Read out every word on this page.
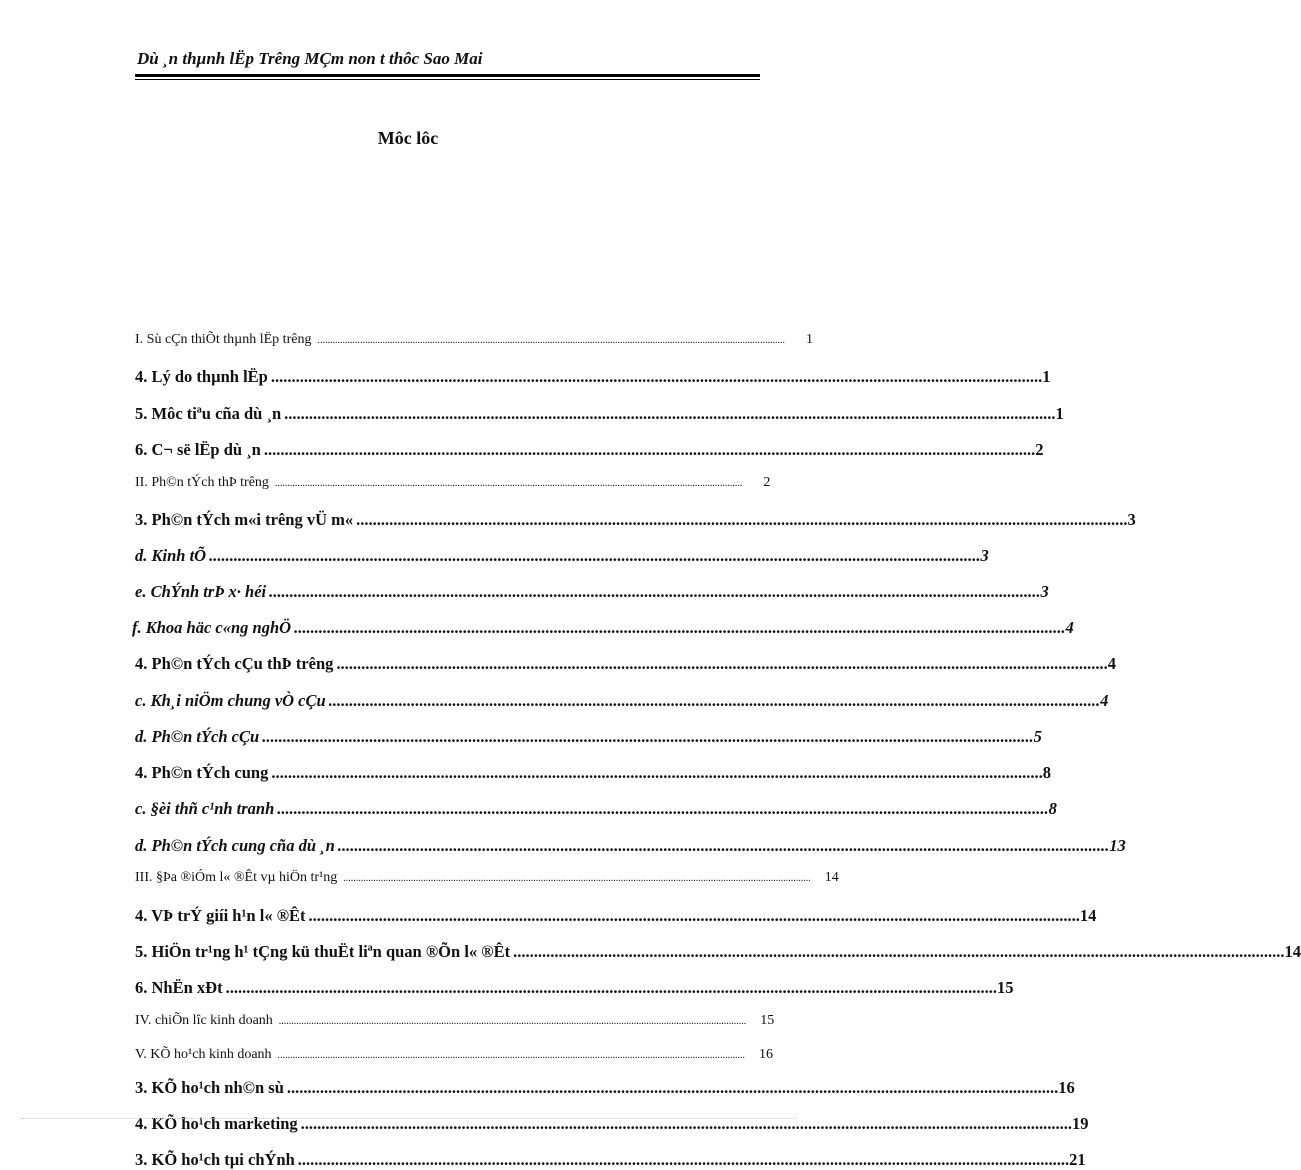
Dù ¸n thµnh lËp Trêng MÇm non t thôc Sao Mai

Môc lôc
I. Sù cÇn thiÕt thµnh lËp trêng ...........................................................................................................................................................................................	1
4. Lý do thµnh lËp ........................................................................................................................................................................................... 1
5. Môc tiªu cña dù ¸n ........................................................................................................................................................................................... 1
6. C¬ së lËp dù ¸n ........................................................................................................................................................................................... 2
II. Ph©n tÝch thÞ trêng ...........................................................................................................................................................................................	2
3. Ph©n tÝch m«i trêng vÜ m« ........................................................................................................................................................................................... 3
d. Kinh tÕ ........................................................................................................................................................................................... 3
e. ChÝnh trÞ x· héi ........................................................................................................................................................................................... 3
f. Khoa häc c«ng nghÖ ........................................................................................................................................................................................... 4
4. Ph©n tÝch cÇu thÞ trêng ........................................................................................................................................................................................... 4
c. Kh¸i niÖm chung vÒ cÇu ........................................................................................................................................................................................... 4
d. Ph©n tÝch cÇu ........................................................................................................................................................................................... 5
4. Ph©n tÝch cung ........................................................................................................................................................................................... 8
c. §èi thñ c¹nh tranh ........................................................................................................................................................................................... 8
d. Ph©n tÝch cung cña dù ¸n ........................................................................................................................................................................................... 13
III. §Þa ®iÓm l« ®Êt vµ hiÖn tr¹ng ...........................................................................................................................................................................................	14
4. VÞ trÝ giíi h¹n l« ®Êt ........................................................................................................................................................................................... 14
5. HiÖn tr¹ng h¹ tÇng kü thuËt liªn quan ®Õn l« ®Êt ........................................................................................................................................................................................... 14
6. NhËn xÐt ........................................................................................................................................................................................... 15
IV. chiÕn lîc kinh doanh ...........................................................................................................................................................................................	15
V. KÕ ho¹ch kinh doanh ...........................................................................................................................................................................................	16
3. KÕ ho¹ch nh©n sù ........................................................................................................................................................................................... 16
4. KÕ ho¹ch marketing ........................................................................................................................................................................................... 19
3. KÕ ho¹ch tµi chÝnh ........................................................................................................................................................................................... 21
